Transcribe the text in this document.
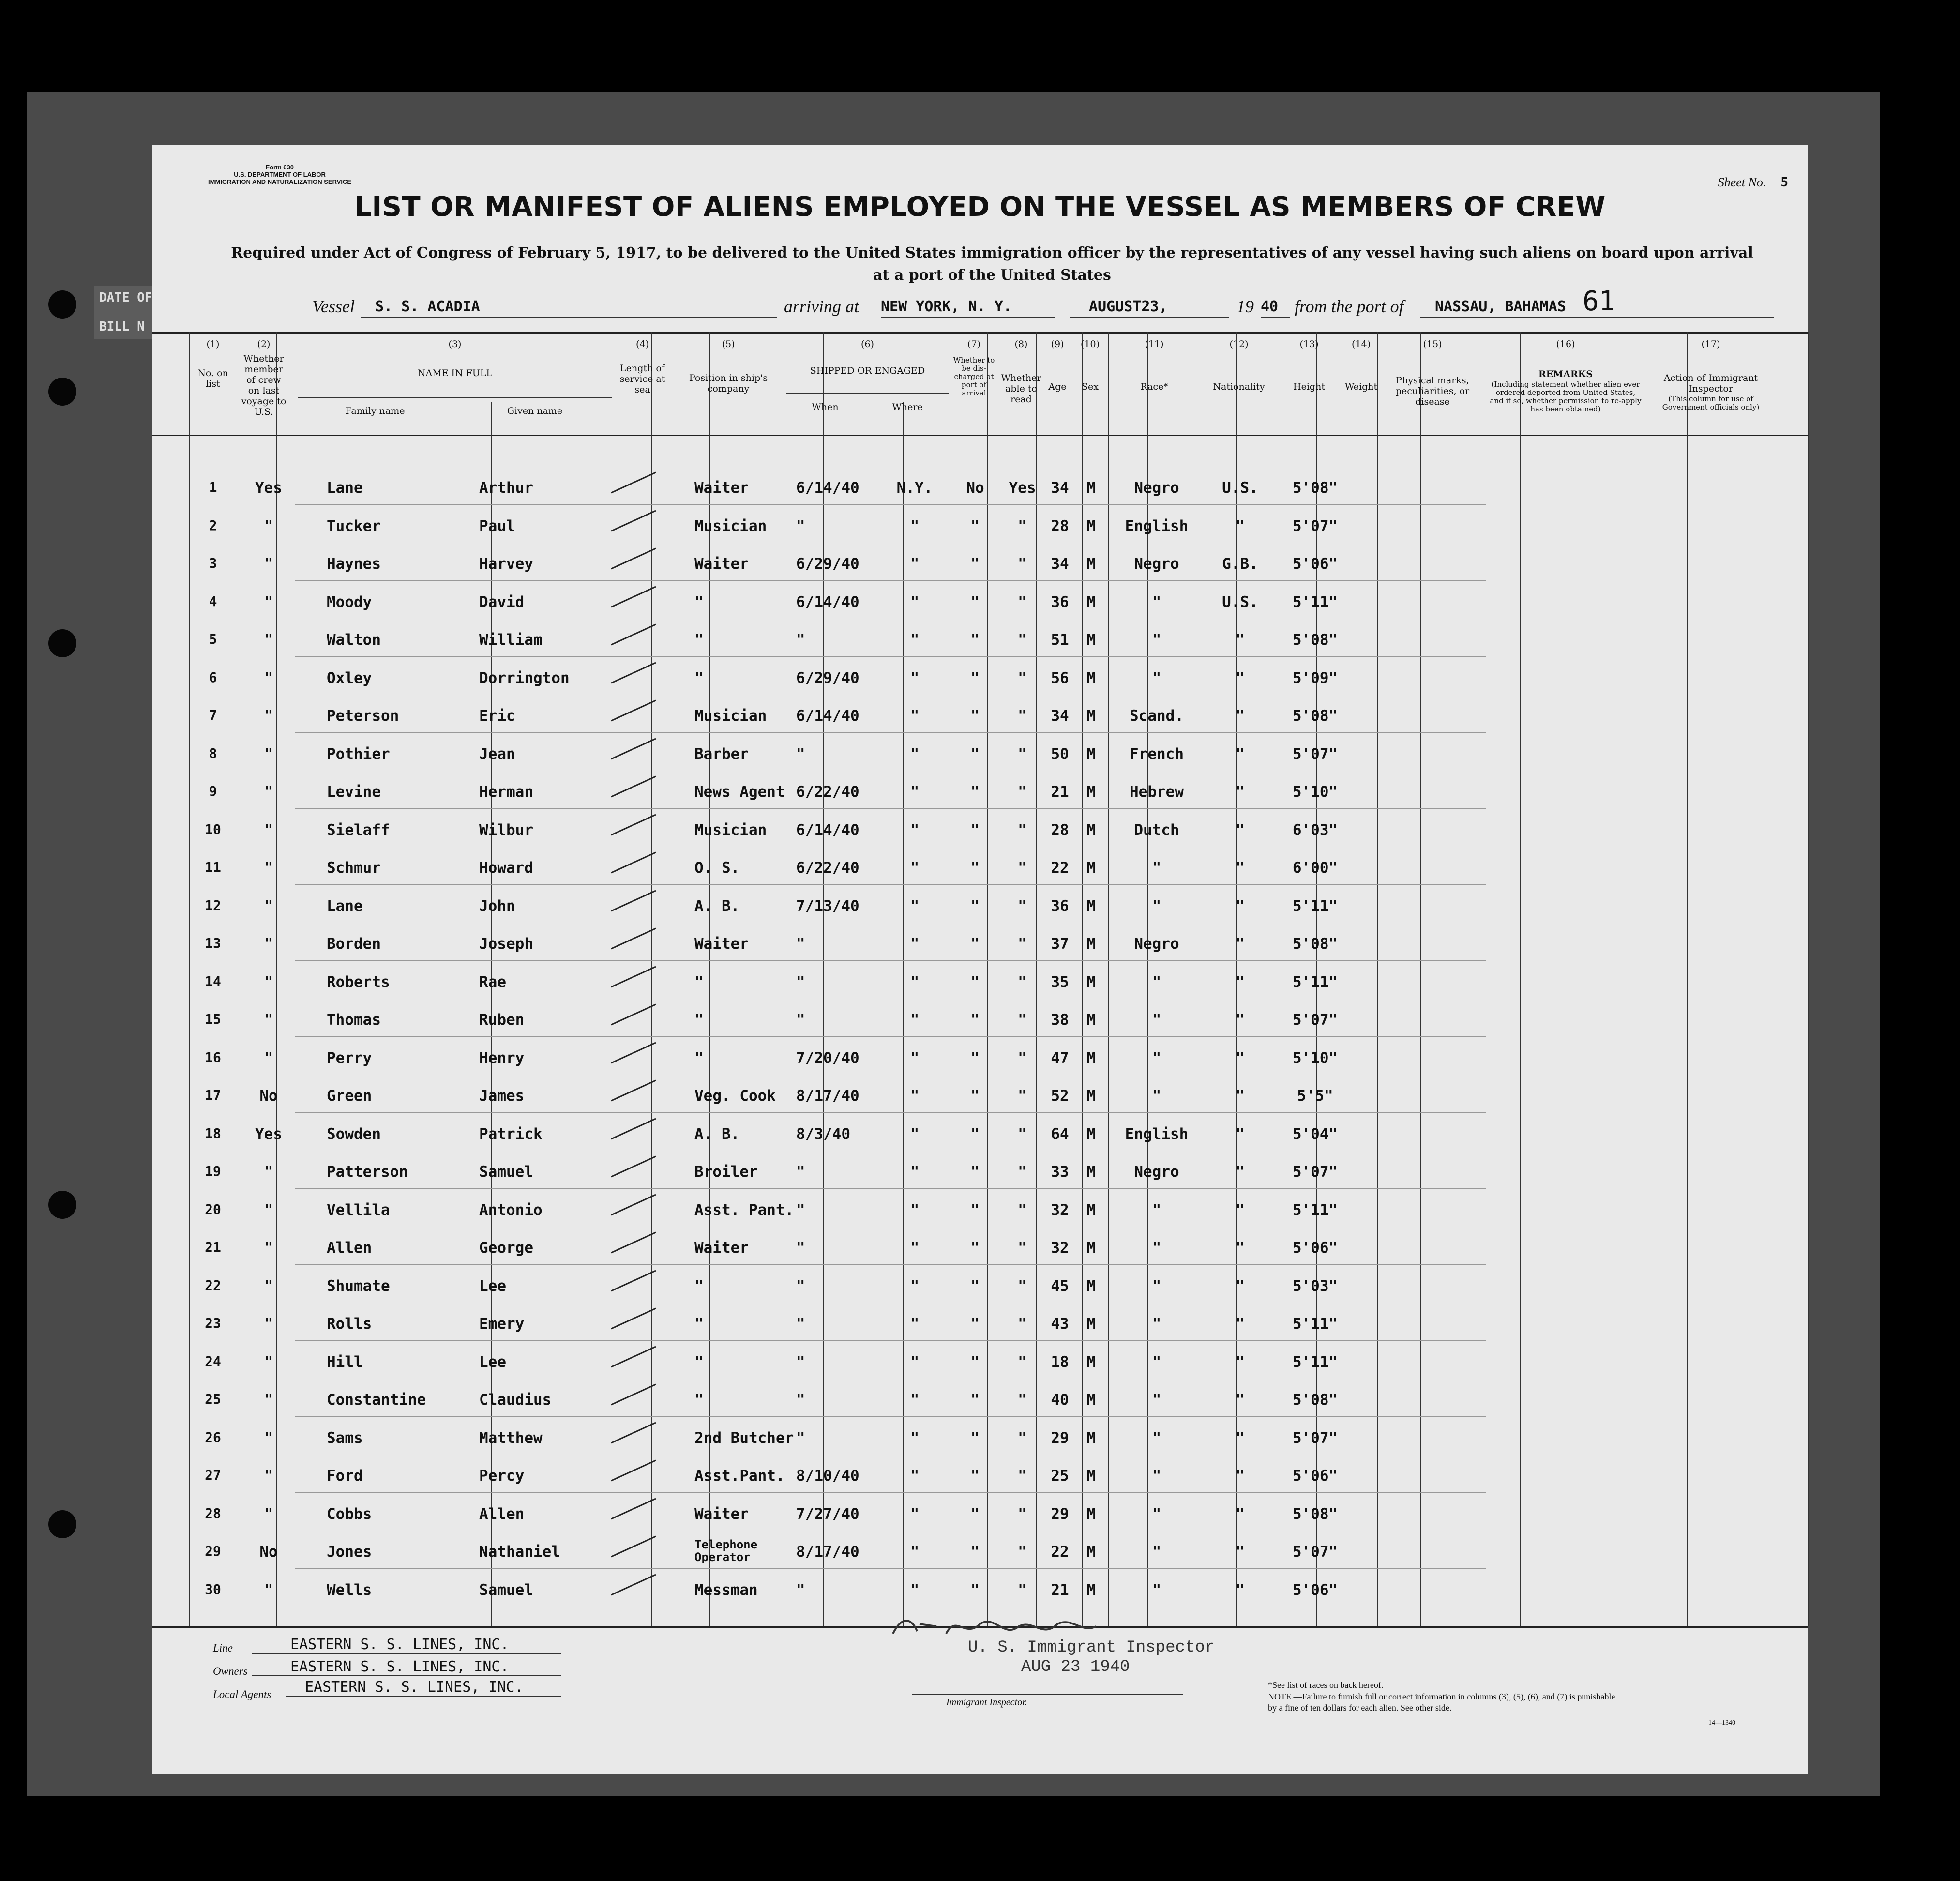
DATE OF

BILL N
Form 630
U.S. DEPARTMENT OF LABOR
IMMIGRATION AND NATURALIZATION SERVICE	Sheet No. 5
LIST OR MANIFEST OF ALIENS EMPLOYED ON THE VESSEL AS MEMBERS OF CREW
Required under Act of Congress of February 5, 1917, to be delivered to the United States immigration officer by the representatives of any vessel having such aliens on board upon arrival at a port of the United States
Vessel	S. S. ACADIA	arriving at NEW YORK, N. Y.	AUGUST23,	19 40 from the port of	NASSAU, BAHAMAS 61
(1)
No. on list
(2)
Whether member of crew on last voyage to U.S.
(3)
NAME IN FULL
Family name	Given name
(4)
Length of service at sea
(5)
Position in ship's company
(6)
SHIPPED OR ENGAGED
When	Where
(7)
Whether to be dis-charged at port of arrival
(8)
Whether able to read
(9)
Age
(10)
Sex
(11)
Race*
(12)
Nationality
(13)
Height
(14)
Weight
(15)
Physical marks, peculiarities, or disease
(16)
REMARKS
(Including statement whether alien ever ordered deported from United States, and if so, whether permission to re-apply has been obtained)
(17)
Action of Immigrant Inspector
(This column for use of Government officials only)
1	Yes	Lane	Arthur	Waiter	6/14/40	N.Y.	No	Yes 34	M	Negro	U.S.	5'08"
2	"	Tucker	Paul	Musician	"	"	"	"	28	M	English	"	5'07"
3	"	Haynes	Harvey	Waiter	6/29/40	"	"	"	34	M	Negro	G.B.	5'06"
4	"	Moody	David	"	6/14/40	"	"	"	36	M	"	U.S.	5'11"
5	"	Walton	William	"	"	"	"	"	51	M	"	"	5'08"
6	"	Oxley	Dorrington	"	6/29/40	"	"	"	56	M	"	"	5'09"
7	"	Peterson	Eric	Musician	6/14/40	"	"	"	34	M	Scand.	"	5'08"
8	"	Pothier	Jean	Barber	"	"	"	"	50	M	French	"	5'07"
9	"	Levine	Herman	News Agent 6/22/40	"	"	"	21	M	Hebrew	"	5'10"
10	"	Sielaff	Wilbur	Musician	6/14/40	"	"	"	28	M	Dutch	"	6'03"
11	"	Schmur	Howard	O. S.	6/22/40	"	"	"	22	M	"	"	6'00"
12	"	Lane	John	A. B.	7/13/40	"	"	"	36	M	"	"	5'11"
13	"	Borden	Joseph	Waiter	"	"	"	"	37	M	Negro	"	5'08"
14	"	Roberts	Rae	"	"	"	"	"	35	M	"	"	5'11"
15	"	Thomas	Ruben	"	"	"	"	"	38	M	"	"	5'07"
16	"	Perry	Henry	"	7/20/40	"	"	"	47	M	"	"	5'10"
17	No	Green	James	Veg. Cook	8/17/40	"	"	"	52	M	"	"	5'5"
18	Yes	Sowden	Patrick	A. B.	8/3/40	"	"	"	64	M	English	"	5'04"
19	"	Patterson	Samuel	Broiler	"	"	"	"	33	M	Negro	"	5'07"
20	"	Vellila	Antonio	Asst. Pant. "	"	"	"	32	M	"	"	5'11"
21	"	Allen	George	Waiter	"	"	"	"	32	M	"	"	5'06"
22	"	Shumate	Lee	"	"	"	"	"	45	M	"	"	5'03"
23	"	Rolls	Emery	"	"	"	"	"	43	M	"	"	5'11"
24	"	Hill	Lee	"	"	"	"	"	18	M	"	"	5'11"
25	"	Constantine	Claudius	"	"	"	"	"	40	M	"	"	5'08"
26	"	Sams	Matthew	2nd Butcher "	"	"	"	29	M	"	"	5'07"
27	"	Ford	Percy	Asst.Pant. 8/10/40	"	"	"	25	M	"	"	5'06"
28	"	Cobbs	Allen	Waiter	7/27/40	"	"	"	29	M	"	"	5'08"
29	No	Jones	Nathaniel	Telephone Operator	8/17/40	"	"	"	22	M	"	"	5'07"
30	"	Wells	Samuel	Messman	"	"	"	"	21	M	"	"	5'06"
Line	EASTERN S. S. LINES, INC.
Owners	EASTERN S. S. LINES, INC.
Local Agents	EASTERN S. S. LINES, INC.
U. S. Immigrant Inspector
AUG 23 1940
Immigrant Inspector.
*See list of races on back hereof.
NOTE.—Failure to furnish full or correct information in columns (3), (5), (6), and (7) is punishable by a fine of ten dollars for each alien. See other side.
14—1340
